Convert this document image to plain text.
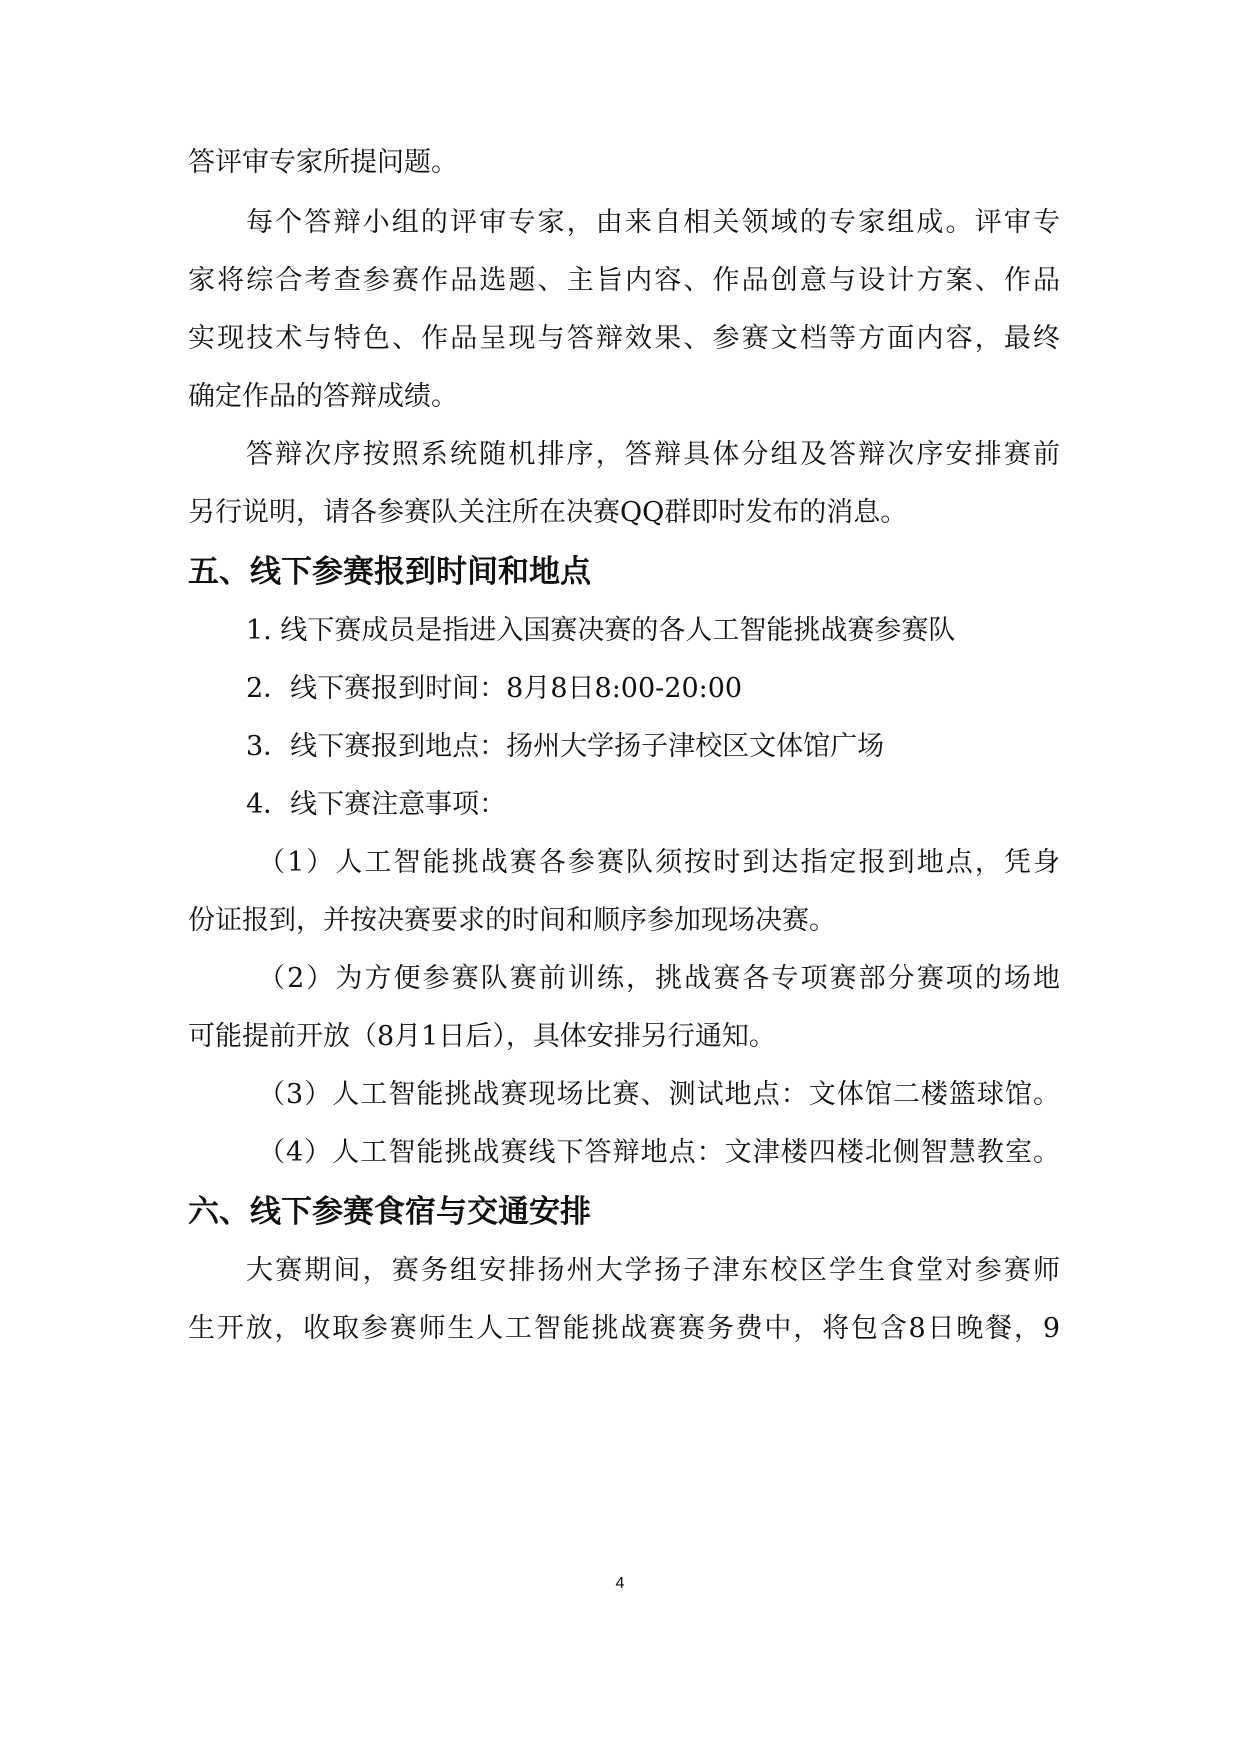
答评审专家所提问题。
每个答辩小组的评审专家，由来自相关领域的专家组成。评审专
家将综合考查参赛作品选题、主旨内容、作品创意与设计方案、作品
实现技术与特色、作品呈现与答辩效果、参赛文档等方面内容，最终
确定作品的答辩成绩。
答辩次序按照系统随机排序，答辩具体分组及答辩次序安排赛前
另行说明，请各参赛队关注所在决赛QQ群即时发布的消息。
五、线下参赛报到时间和地点
1. 线下赛成员是指进入国赛决赛的各人工智能挑战赛参赛队
2．线下赛报到时间：8月8日8:00-20:00
3．线下赛报到地点：扬州大学扬子津校区文体馆广场
4．线下赛注意事项：
（1）人工智能挑战赛各参赛队须按时到达指定报到地点，凭身
份证报到，并按决赛要求的时间和顺序参加现场决赛。
（2）为方便参赛队赛前训练，挑战赛各专项赛部分赛项的场地
可能提前开放（8月1日后），具体安排另行通知。
（3）人工智能挑战赛现场比赛、测试地点：文体馆二楼篮球馆。
（4）人工智能挑战赛线下答辩地点：文津楼四楼北侧智慧教室。
六、线下参赛食宿与交通安排
大赛期间，赛务组安排扬州大学扬子津东校区学生食堂对参赛师
生开放，收取参赛师生人工智能挑战赛赛务费中，将包含8日晚餐，9
4
